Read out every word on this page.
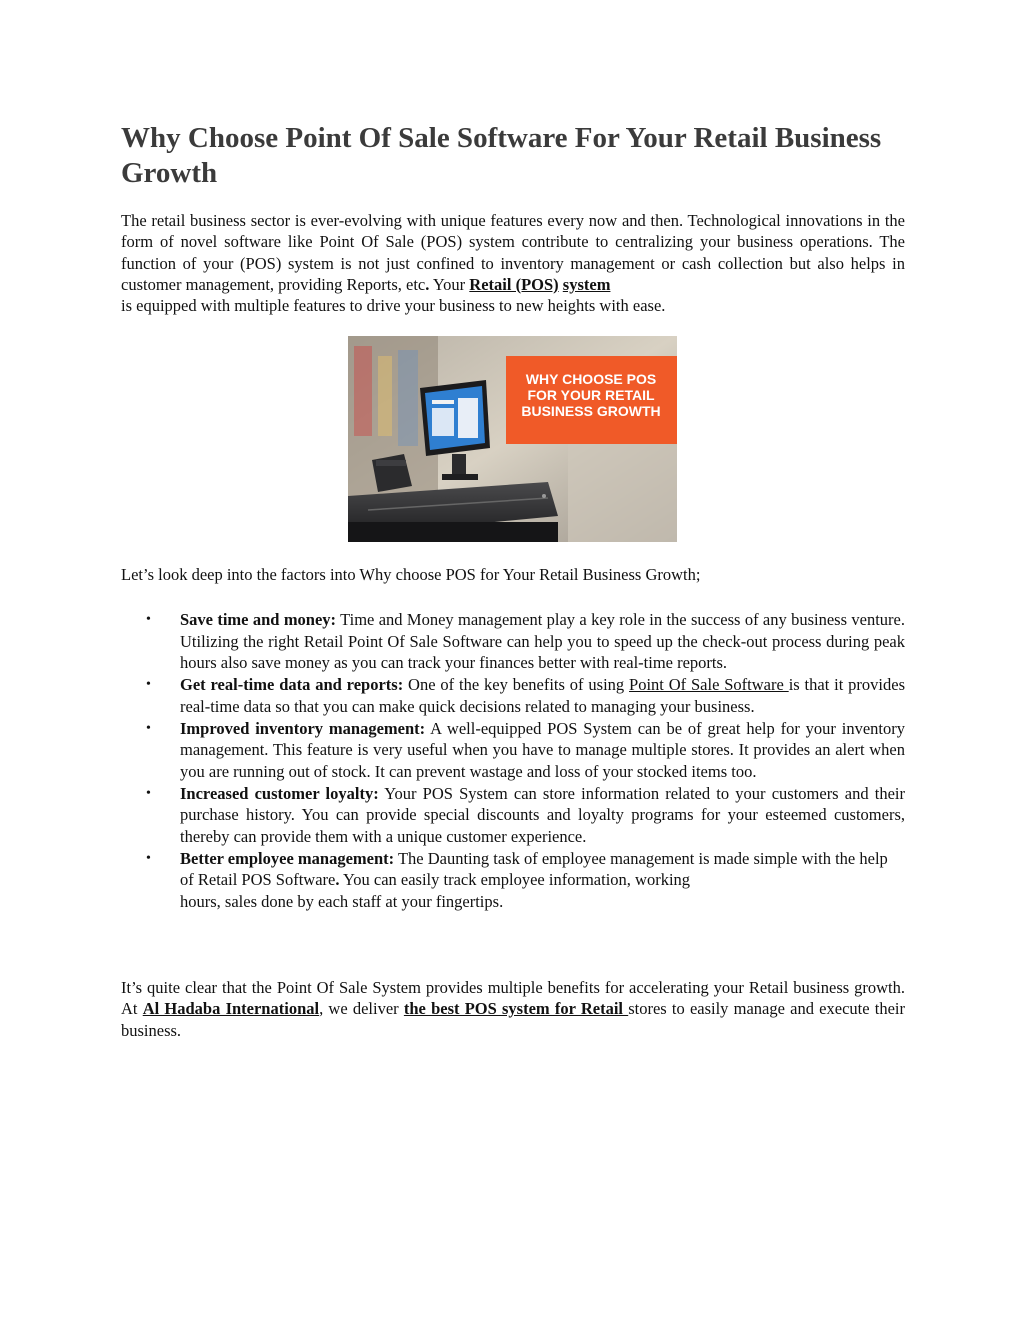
Why Choose Point Of Sale Software For Your Retail Business Growth

The retail business sector is ever-evolving with unique features every now and then. Technological innovations in the form of novel software like Point Of Sale (POS) system contribute to centralizing your business operations. The function of your (POS) system is not just confined to inventory management or cash collection but also helps in customer management, providing Reports, etc. Your Retail (POS) system
is equipped with multiple features to drive your business to new heights with ease.

WHY CHOOSE POS
FOR YOUR RETAIL
BUSINESS GROWTH

Let’s look deep into the factors into Why choose POS for Your Retail Business Growth;

• Save time and money: Time and Money management play a key role in the success of any business venture. Utilizing the right Retail Point Of Sale Software can help you to speed up the check-out process during peak hours also save money as you can track your finances better with real-time reports.
• Get real-time data and reports: One of the key benefits of using Point Of Sale Software is that it provides real-time data so that you can make quick decisions related to managing your business.
• Improved inventory management: A well-equipped POS System can be of great help for your inventory management. This feature is very useful when you have to manage multiple stores. It provides an alert when you are running out of stock. It can prevent wastage and loss of your stocked items too.
• Increased customer loyalty: Your POS System can store information related to your customers and their purchase history. You can provide special discounts and loyalty programs for your esteemed customers, thereby can provide them with a unique customer experience.
• Better employee management: The Daunting task of employee management is made simple with the help of Retail POS Software. You can easily track employee information, working
hours, sales done by each staff at your fingertips.

It’s quite clear that the Point Of Sale System provides multiple benefits for accelerating your Retail business growth. At Al Hadaba International, we deliver the best POS system for Retail stores to easily manage and execute their business.
